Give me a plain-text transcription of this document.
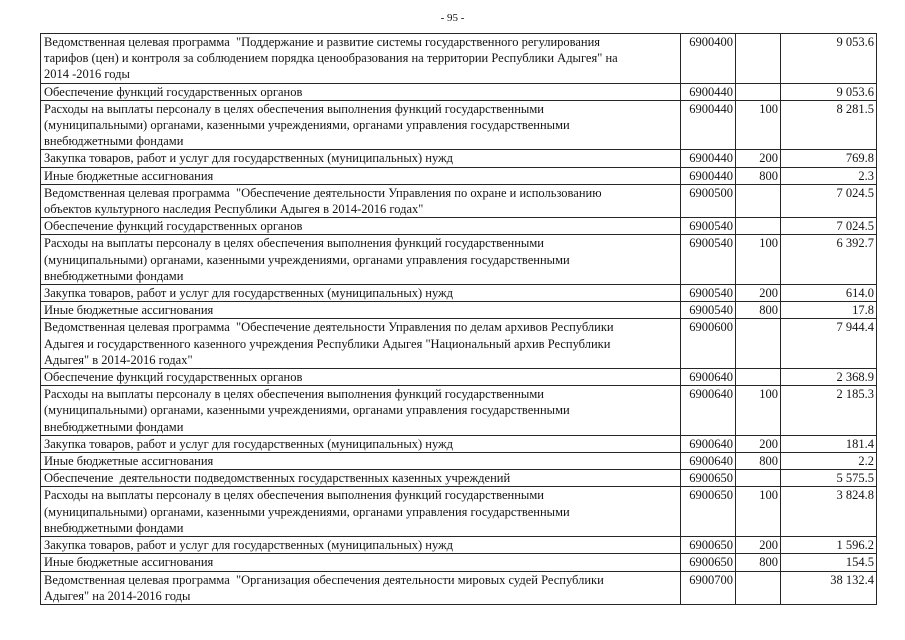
- 95 -
Ведомственная целевая программа  "Поддержание и развитие системы государственного регулирования
тарифов (цен) и контроля за соблюдением порядка ценообразования на территории Республики Адыгея" на
2014 -2016 годы	6900400		9 053.6

Обеспечение функций государственных органов	6900440		9 053.6

Расходы на выплаты персоналу в целях обеспечения выполнения функций государственными
(муниципальными) органами, казенными учреждениями, органами управления государственными
внебюджетными фондами	6900440	100	8 281.5

Закупка товаров, работ и услуг для государственных (муниципальных) нужд	6900440	200	769.8

Иные бюджетные ассигнования	6900440	800	2.3

Ведомственная целевая программа  "Обеспечение деятельности Управления по охране и использованию
объектов культурного наследия Республики Адыгея в 2014-2016 годах"	6900500		7 024.5

Обеспечение функций государственных органов	6900540		7 024.5

Расходы на выплаты персоналу в целях обеспечения выполнения функций государственными
(муниципальными) органами, казенными учреждениями, органами управления государственными
внебюджетными фондами	6900540	100	6 392.7

Закупка товаров, работ и услуг для государственных (муниципальных) нужд	6900540	200	614.0

Иные бюджетные ассигнования	6900540	800	17.8

Ведомственная целевая программа  "Обеспечение деятельности Управления по делам архивов Республики
Адыгея и государственного казенного учреждения Республики Адыгея "Национальный архив Республики
Адыгея" в 2014-2016 годах"	6900600		7 944.4

Обеспечение функций государственных органов	6900640		2 368.9

Расходы на выплаты персоналу в целях обеспечения выполнения функций государственными
(муниципальными) органами, казенными учреждениями, органами управления государственными
внебюджетными фондами	6900640	100	2 185.3

Закупка товаров, работ и услуг для государственных (муниципальных) нужд	6900640	200	181.4

Иные бюджетные ассигнования	6900640	800	2.2

Обеспечение  деятельности подведомственных государственных казенных учреждений	6900650		5 575.5

Расходы на выплаты персоналу в целях обеспечения выполнения функций государственными
(муниципальными) органами, казенными учреждениями, органами управления государственными
внебюджетными фондами	6900650	100	3 824.8

Закупка товаров, работ и услуг для государственных (муниципальных) нужд	6900650	200	1 596.2

Иные бюджетные ассигнования	6900650	800	154.5

Ведомственная целевая программа  "Организация обеспечения деятельности мировых судей Республики
Адыгея" на 2014-2016 годы	6900700		38 132.4
